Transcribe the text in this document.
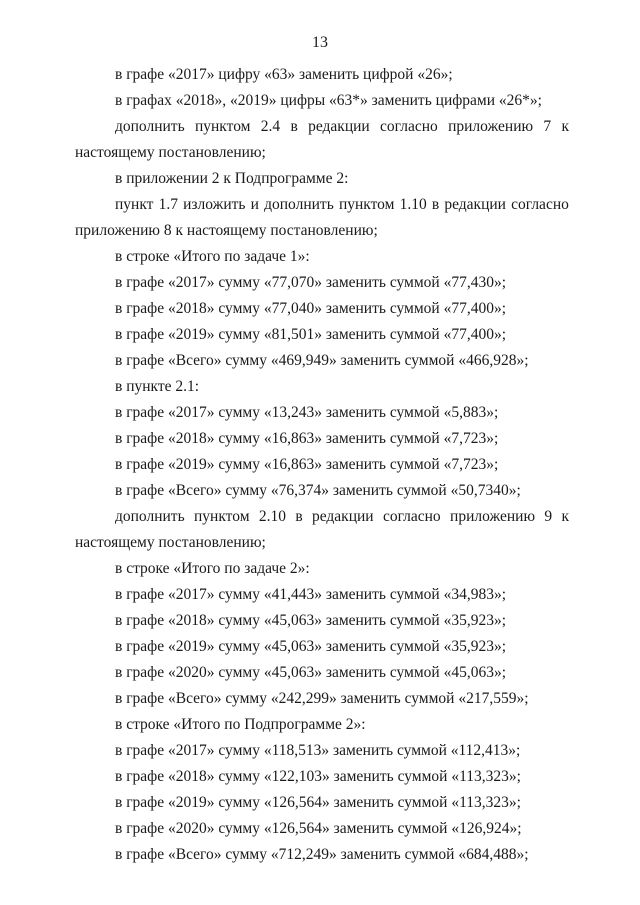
13
в графе «2017» цифру «63» заменить цифрой «26»;
в графах «2018», «2019» цифры «63*» заменить цифрами «26*»;
дополнить пунктом 2.4 в редакции согласно приложению 7 к
настоящему постановлению;
в приложении 2 к Подпрограмме 2:
пункт 1.7 изложить и дополнить пунктом 1.10 в редакции согласно
приложению 8 к настоящему постановлению;
в строке «Итого по задаче 1»:
в графе «2017» сумму «77,070» заменить суммой «77,430»;
в графе «2018» сумму «77,040» заменить суммой «77,400»;
в графе «2019» сумму «81,501» заменить суммой «77,400»;
в графе «Всего» сумму «469,949» заменить суммой «466,928»;
в пункте 2.1:
в графе «2017» сумму «13,243» заменить суммой «5,883»;
в графе «2018» сумму «16,863» заменить суммой «7,723»;
в графе «2019» сумму «16,863» заменить суммой «7,723»;
в графе «Всего» сумму «76,374» заменить суммой «50,7340»;
дополнить пунктом 2.10 в редакции согласно приложению 9 к
настоящему постановлению;
в строке «Итого по задаче 2»:
в графе «2017» сумму «41,443» заменить суммой «34,983»;
в графе «2018» сумму «45,063» заменить суммой «35,923»;
в графе «2019» сумму «45,063» заменить суммой «35,923»;
в графе «2020» сумму «45,063» заменить суммой «45,063»;
в графе «Всего» сумму «242,299» заменить суммой «217,559»;
в строке «Итого по Подпрограмме 2»:
в графе «2017» сумму «118,513» заменить суммой «112,413»;
в графе «2018» сумму «122,103» заменить суммой «113,323»;
в графе «2019» сумму «126,564» заменить суммой «113,323»;
в графе «2020» сумму «126,564» заменить суммой «126,924»;
в графе «Всего» сумму «712,249» заменить суммой «684,488»;
